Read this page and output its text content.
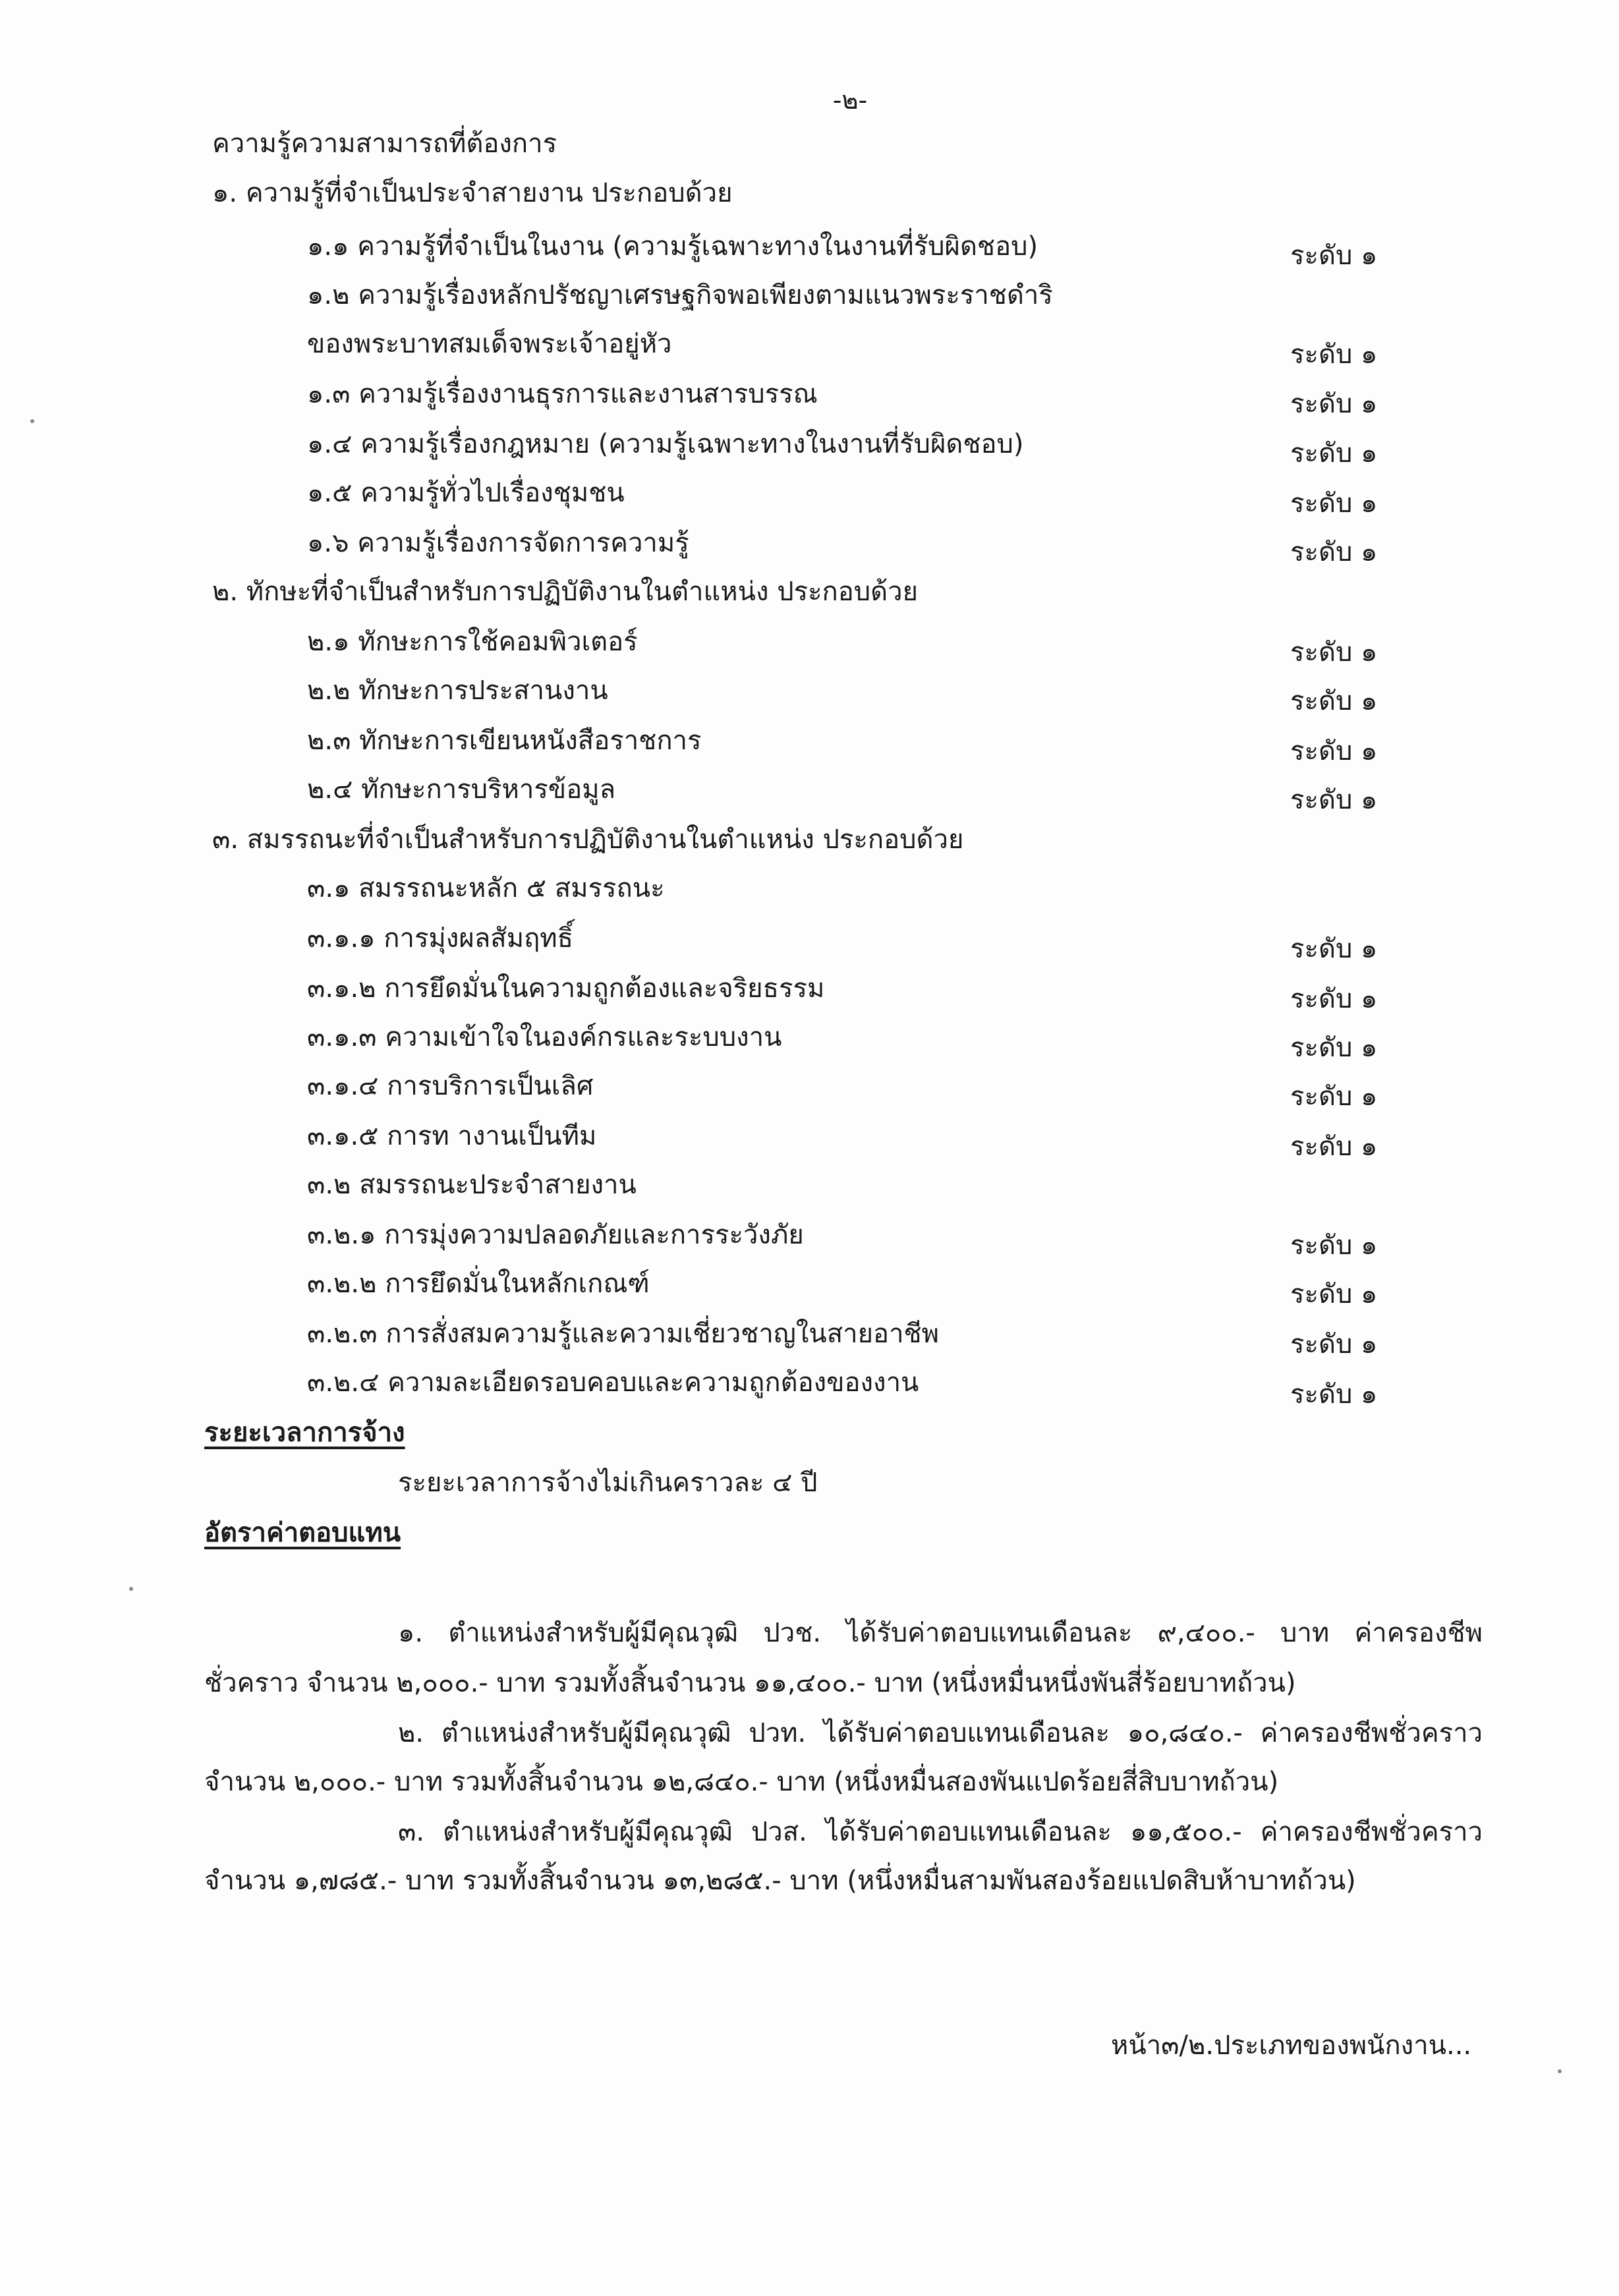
-๒-
ความรู้ความสามารถที่ต้องการ
๑. ความรู้ที่จำเป็นประจำสายงาน ประกอบด้วย
๑.๑ ความรู้ที่จำเป็นในงาน (ความรู้เฉพาะทางในงานที่รับผิดชอบ)	ระดับ ๑
๑.๒ ความรู้เรื่องหลักปรัชญาเศรษฐกิจพอเพียงตามแนวพระราชดำริ
ของพระบาทสมเด็จพระเจ้าอยู่หัว	ระดับ ๑
๑.๓ ความรู้เรื่องงานธุรการและงานสารบรรณ	ระดับ ๑
๑.๔ ความรู้เรื่องกฎหมาย (ความรู้เฉพาะทางในงานที่รับผิดชอบ)	ระดับ ๑
๑.๕ ความรู้ทั่วไปเรื่องชุมชน	ระดับ ๑
๑.๖ ความรู้เรื่องการจัดการความรู้	ระดับ ๑
๒. ทักษะที่จำเป็นสำหรับการปฏิบัติงานในตำแหน่ง ประกอบด้วย
๒.๑ ทักษะการใช้คอมพิวเตอร์	ระดับ ๑
๒.๒ ทักษะการประสานงาน	ระดับ ๑
๒.๓ ทักษะการเขียนหนังสือราชการ	ระดับ ๑
๒.๔ ทักษะการบริหารข้อมูล	ระดับ ๑
๓. สมรรถนะที่จำเป็นสำหรับการปฏิบัติงานในตำแหน่ง ประกอบด้วย
๓.๑ สมรรถนะหลัก ๕ สมรรถนะ
๓.๑.๑ การมุ่งผลสัมฤทธิ์	ระดับ ๑
๓.๑.๒ การยึดมั่นในความถูกต้องและจริยธรรม	ระดับ ๑
๓.๑.๓ ความเข้าใจในองค์กรและระบบงาน	ระดับ ๑
๓.๑.๔ การบริการเป็นเลิศ	ระดับ ๑
๓.๑.๕ การท างานเป็นทีม	ระดับ ๑
๓.๒ สมรรถนะประจำสายงาน
๓.๒.๑ การมุ่งความปลอดภัยและการระวังภัย	ระดับ ๑
๓.๒.๒ การยึดมั่นในหลักเกณฑ์	ระดับ ๑
๓.๒.๓ การสั่งสมความรู้และความเชี่ยวชาญในสายอาชีพ	ระดับ ๑
๓.๒.๔ ความละเอียดรอบคอบและความถูกต้องของงาน	ระดับ ๑
ระยะเวลาการจ้าง
ระยะเวลาการจ้างไม่เกินคราวละ ๔ ปี
อัตราค่าตอบแทน
๑. ตำแหน่งสำหรับผู้มีคุณวุฒิ ปวช. ได้รับค่าตอบแทนเดือนละ ๙,๔๐๐.- บาท ค่าครองชีพ
ชั่วคราว จำนวน ๒,๐๐๐.- บาท รวมทั้งสิ้นจำนวน ๑๑,๔๐๐.- บาท (หนึ่งหมื่นหนึ่งพันสี่ร้อยบาทถ้วน)
๒. ตำแหน่งสำหรับผู้มีคุณวุฒิ ปวท. ได้รับค่าตอบแทนเดือนละ ๑๐,๘๔๐.- ค่าครองชีพชั่วคราว
จำนวน ๒,๐๐๐.- บาท รวมทั้งสิ้นจำนวน ๑๒,๘๔๐.- บาท (หนึ่งหมื่นสองพันแปดร้อยสี่สิบบาทถ้วน)
๓. ตำแหน่งสำหรับผู้มีคุณวุฒิ ปวส. ได้รับค่าตอบแทนเดือนละ ๑๑,๕๐๐.- ค่าครองชีพชั่วคราว
จำนวน ๑,๗๘๕.- บาท รวมทั้งสิ้นจำนวน ๑๓,๒๘๕.- บาท (หนึ่งหมื่นสามพันสองร้อยแปดสิบห้าบาทถ้วน)
หน้า๓/๒.ประเภทของพนักงาน...
